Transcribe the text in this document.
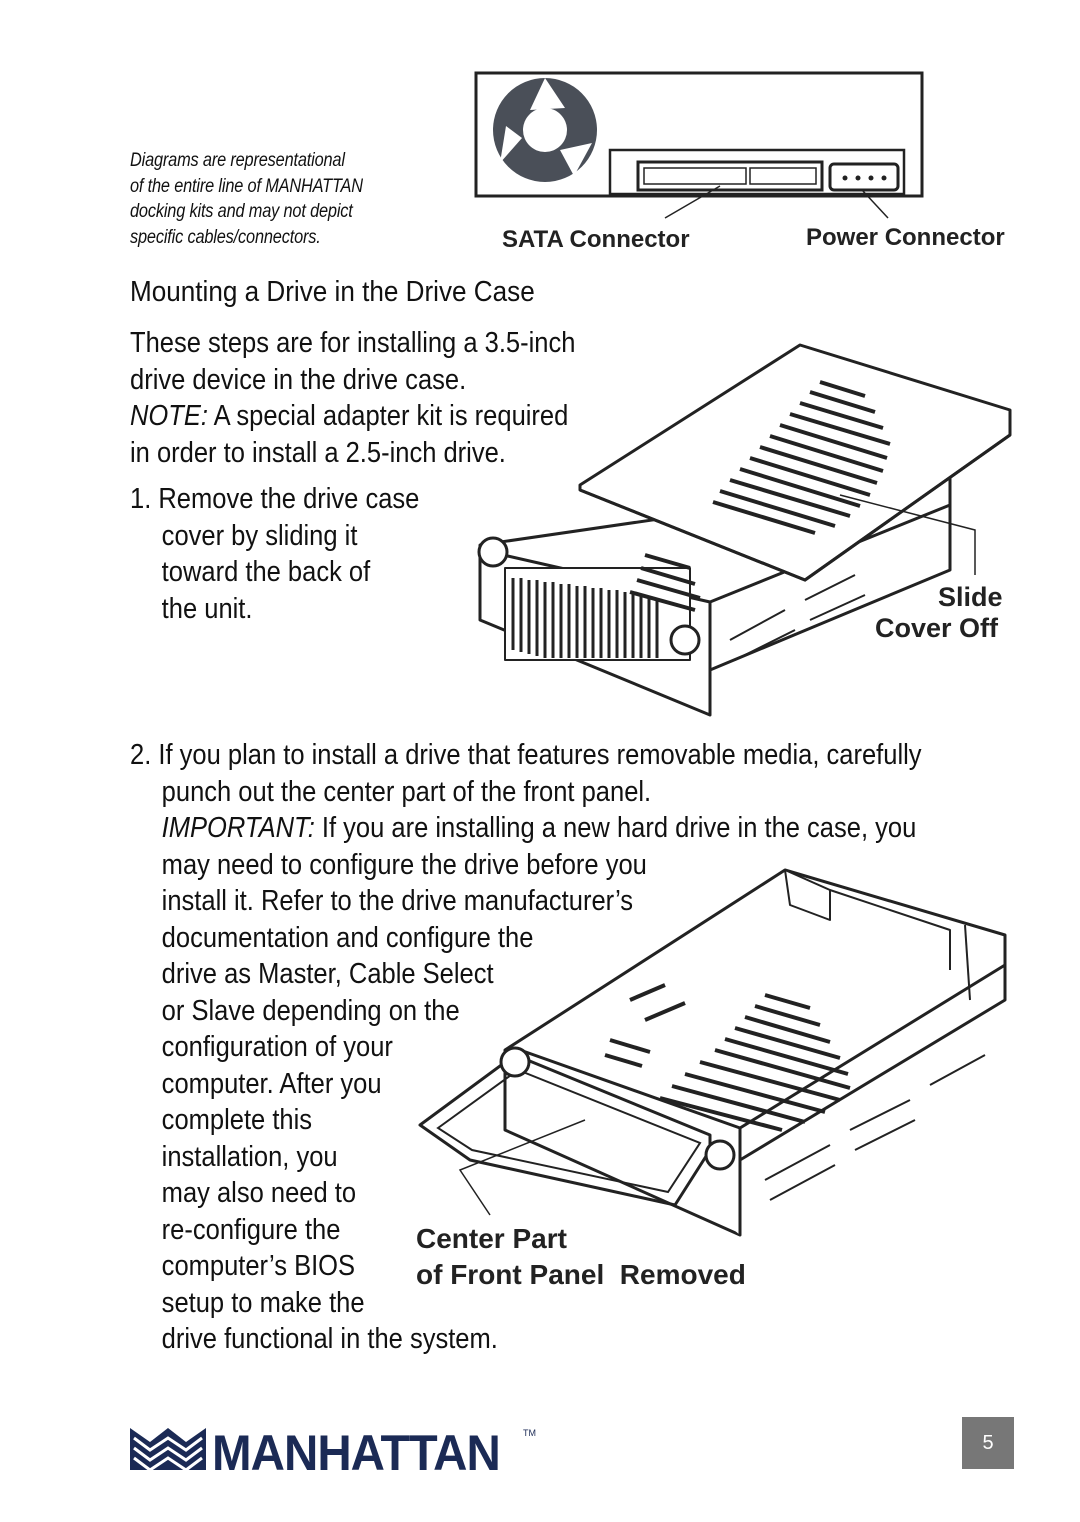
Diagrams are representational
of the entire line of MANHATTAN
docking kits and may not depict
specific cables/connectors.	SATA Connector	Power Connector
Mounting a Drive in the Drive Case
These steps are for installing a 3.5-inch
drive device in the drive case.
NOTE: A special adapter kit is required
in order to install a 2.5-inch drive.
1. Remove the drive case
cover by sliding it
toward the back of
the unit.	Slide
Cover Off
2. If you plan to install a drive that features removable media, carefully
punch out the center part of the front panel.
IMPORTANT: If you are installing a new hard drive in the case, you
may need to configure the drive before you
install it. Refer to the drive manufacturer’s
documentation and configure the
drive as Master, Cable Select
or Slave depending on the
configuration of your
computer. After you
complete this
installation, you
may also need to
re-configure the
computer’s BIOS
setup to make the
drive functional in the system.
Center Part
of Front Panel  Removed
MANHATTAN	TM	5
